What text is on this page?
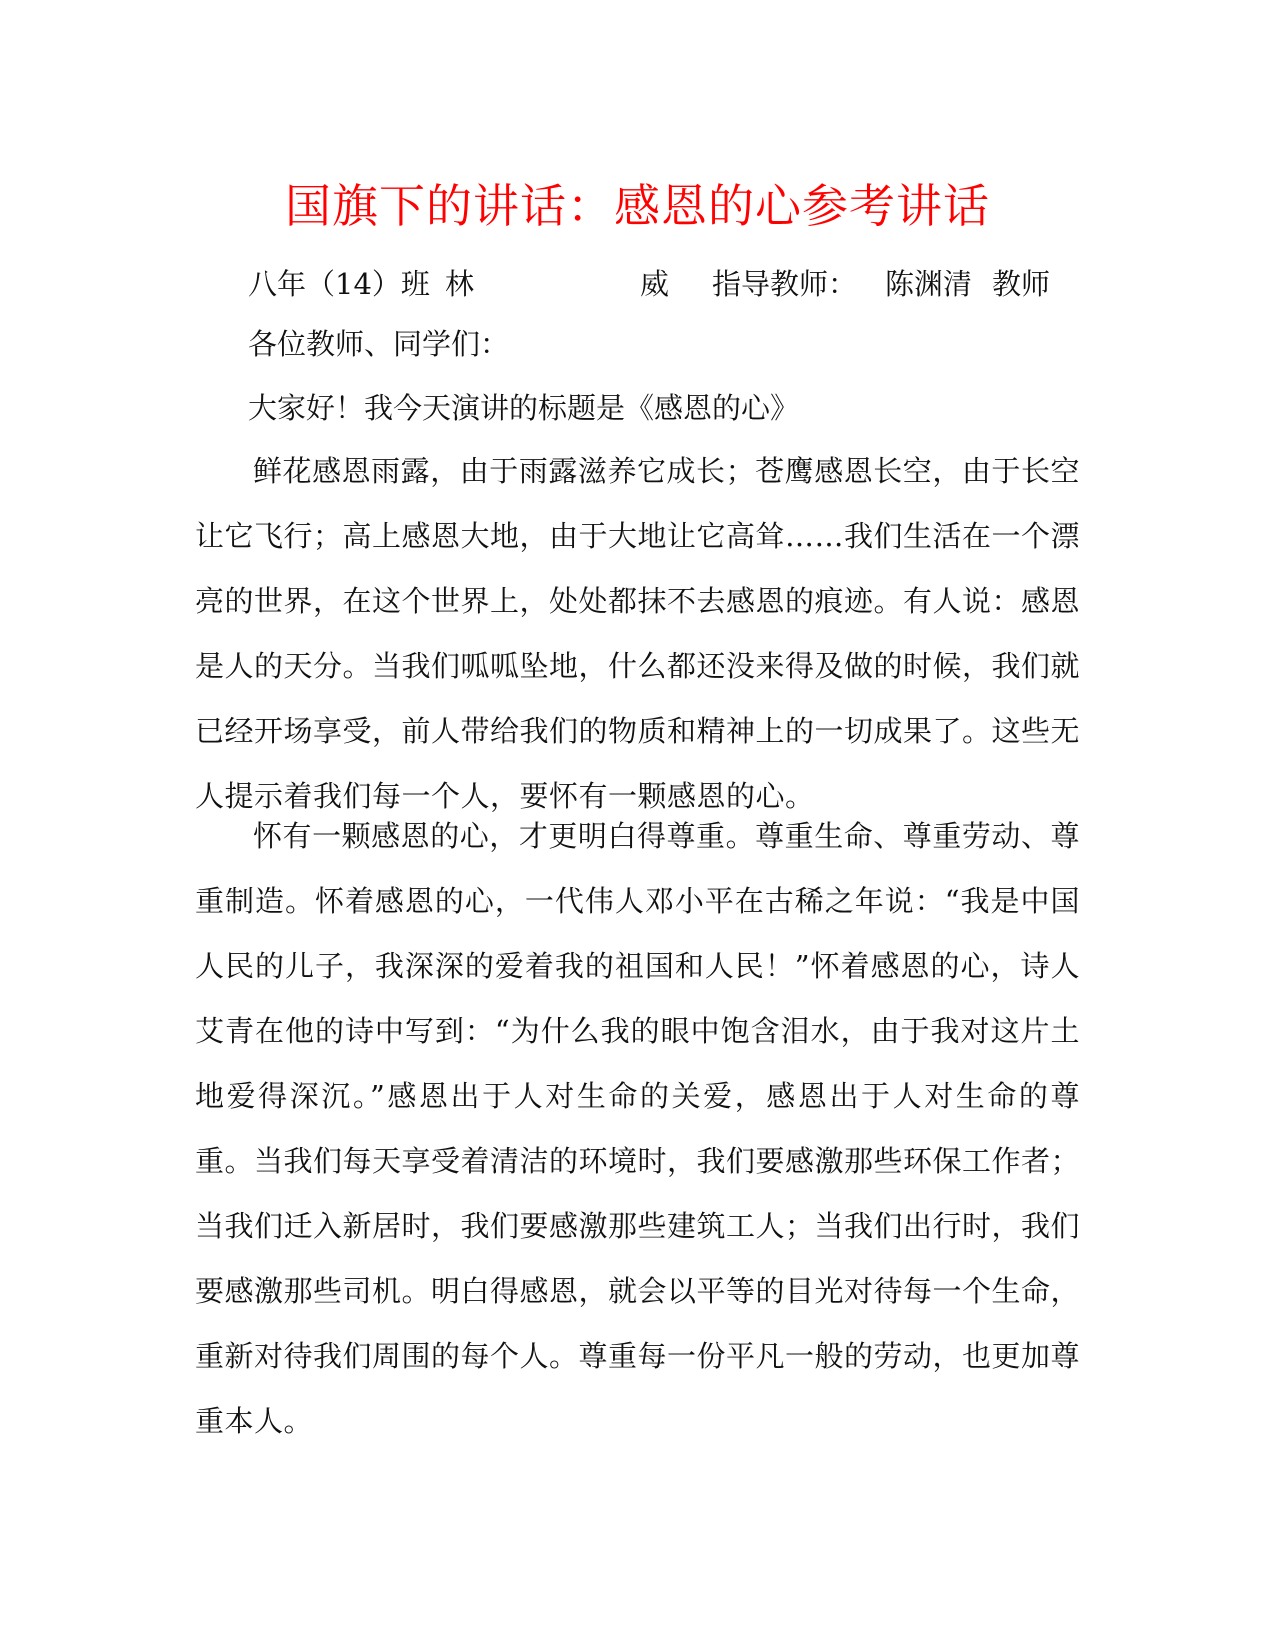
国旗下的讲话：感恩的心参考讲话
八年（14）班 林	威 指导教师： 陈渊清 教师
各位教师、同学们：
大家好！我今天演讲的标题是《感恩的心》
鲜花感恩雨露，由于雨露滋养它成长；苍鹰感恩长空，由于长空让它飞行；高上感恩大地，由于大地让它高耸……我们生活在一个漂亮的世界，在这个世界上，处处都抹不去感恩的痕迹。有人说：感恩是人的天分。当我们呱呱坠地，什么都还没来得及做的时候，我们就已经开场享受，前人带给我们的物质和精神上的一切成果了。这些无人提示着我们每一个人，要怀有一颗感恩的心。
怀有一颗感恩的心，才更明白得尊重。尊重生命、尊重劳动、尊重制造。怀着感恩的心，一代伟人邓小平在古稀之年说：“我是中国人民的儿子，我深深的爱着我的祖国和人民！”怀着感恩的心，诗人艾青在他的诗中写到：“为什么我的眼中饱含泪水，由于我对这片土地爱得深沉。”感恩出于人对生命的关爱，感恩出于人对生命的尊重。当我们每天享受着清洁的环境时，我们要感激那些环保工作者；当我们迁入新居时，我们要感激那些建筑工人；当我们出行时，我们要感激那些司机。明白得感恩，就会以平等的目光对待每一个生命，重新对待我们周围的每个人。尊重每一份平凡一般的劳动，也更加尊重本人。
